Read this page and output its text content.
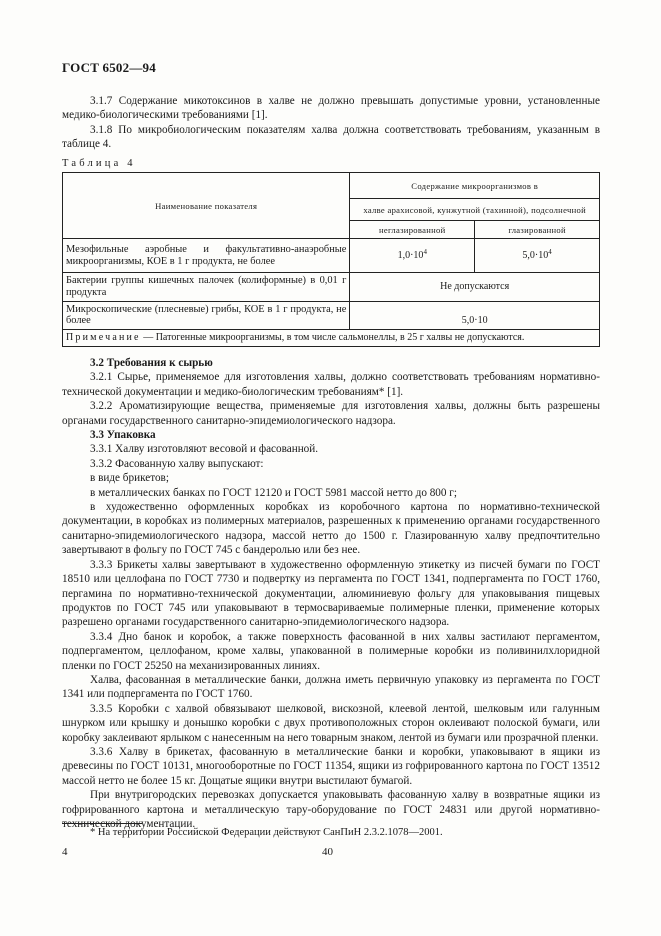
ГОСТ 6502—94

3.1.7 Содержание микотоксинов в халве не должно превышать допустимые уровни, установленные медико-биологическими требованиями [1].

3.1.8 По микробиологическим показателям халва должна соответствовать требованиям, указанным в таблице 4.

Таблица 4
Наименование показателя	Содержание микроорганизмов в	
	халве арахисовой, кунжутной (тахинной), подсолнечной	
	неглазированной	глазированной
Мезофильные аэробные и факультативно-анаэробные микроорганизмы, КОЕ в 1 г продукта, не более	$1,0\cdot 10^4$	$5,0\cdot 10^4$
Бактерии группы кишечных палочек (колиформные) в 0,01 г продукта	Не допускаются	
Микроскопические (плесневые) грибы, КОЕ в 1 г продукта, не более	5,0·10	
Примечание — Патогенные микроорганизмы, в том числе сальмонеллы, в 25 г халвы не допускаются.		
3.2 Требования к сырью

3.2.1 Сырье, применяемое для изготовления халвы, должно соответствовать требованиям нормативно-технической документации и медико-биологическим требованиям* [1].

3.2.2 Ароматизирующие вещества, применяемые для изготовления халвы, должны быть разрешены органами государственного санитарно-эпидемиологического надзора.

3.3 Упаковка

3.3.1 Халву изготовляют весовой и фасованной.

3.3.2 Фасованную халву выпускают:

в виде брикетов;

в металлических банках по ГОСТ 12120 и ГОСТ 5981 массой нетто до 800 г;

в художественно оформленных коробках из коробочного картона по нормативно-технической документации, в коробках из полимерных материалов, разрешенных к применению органами государственного санитарно-эпидемиологического надзора, массой нетто до 1500 г. Глазированную халву предпочтительно завертывают в фольгу по ГОСТ 745 с бандеролью или без нее.

3.3.3 Брикеты халвы завертывают в художественно оформленную этикетку из писчей бумаги по ГОСТ 18510 или целлофана по ГОСТ 7730 и подвертку из пергамента по ГОСТ 1341, подпергамента по ГОСТ 1760, пергамина по нормативно-технической документации, алюминиевую фольгу для упаковывания пищевых продуктов по ГОСТ 745 или упаковывают в термосвариваемые полимерные пленки, применение которых разрешено органами государственного санитарно-эпидемиологического надзора.

3.3.4 Дно банок и коробок, а также поверхность фасованной в них халвы застилают пергаментом, подпергаментом, целлофаном, кроме халвы, упакованной в полимерные коробки из поливинилхлоридной пленки по ГОСТ 25250 на механизированных линиях.

Халва, фасованная в металлические банки, должна иметь первичную упаковку из пергамента по ГОСТ 1341 или подпергамента по ГОСТ 1760.

3.3.5 Коробки с халвой обвязывают шелковой, вискозной, клеевой лентой, шелковым или галунным шнурком или крышку и донышко коробки с двух противоположных сторон оклеивают полоской бумаги, или коробку заклеивают ярлыком с нанесенным на него товарным знаком, лентой из бумаги или прозрачной пленки.

3.3.6 Халву в брикетах, фасованную в металлические банки и коробки, упаковывают в ящики из древесины по ГОСТ 10131, многооборотные по ГОСТ 11354, ящики из гофрированного картона по ГОСТ 13512 массой нетто не более 15 кг. Дощатые ящики внутри выстилают бумагой.

При внутригородских перевозках допускается упаковывать фасованную халву в возвратные ящики из гофрированного картона и металлическую тару-оборудование по ГОСТ 24831 или другой нормативно-технической документации.

* На территории Российской Федерации действуют СанПиН 2.3.2.1078—2001.
4	40
